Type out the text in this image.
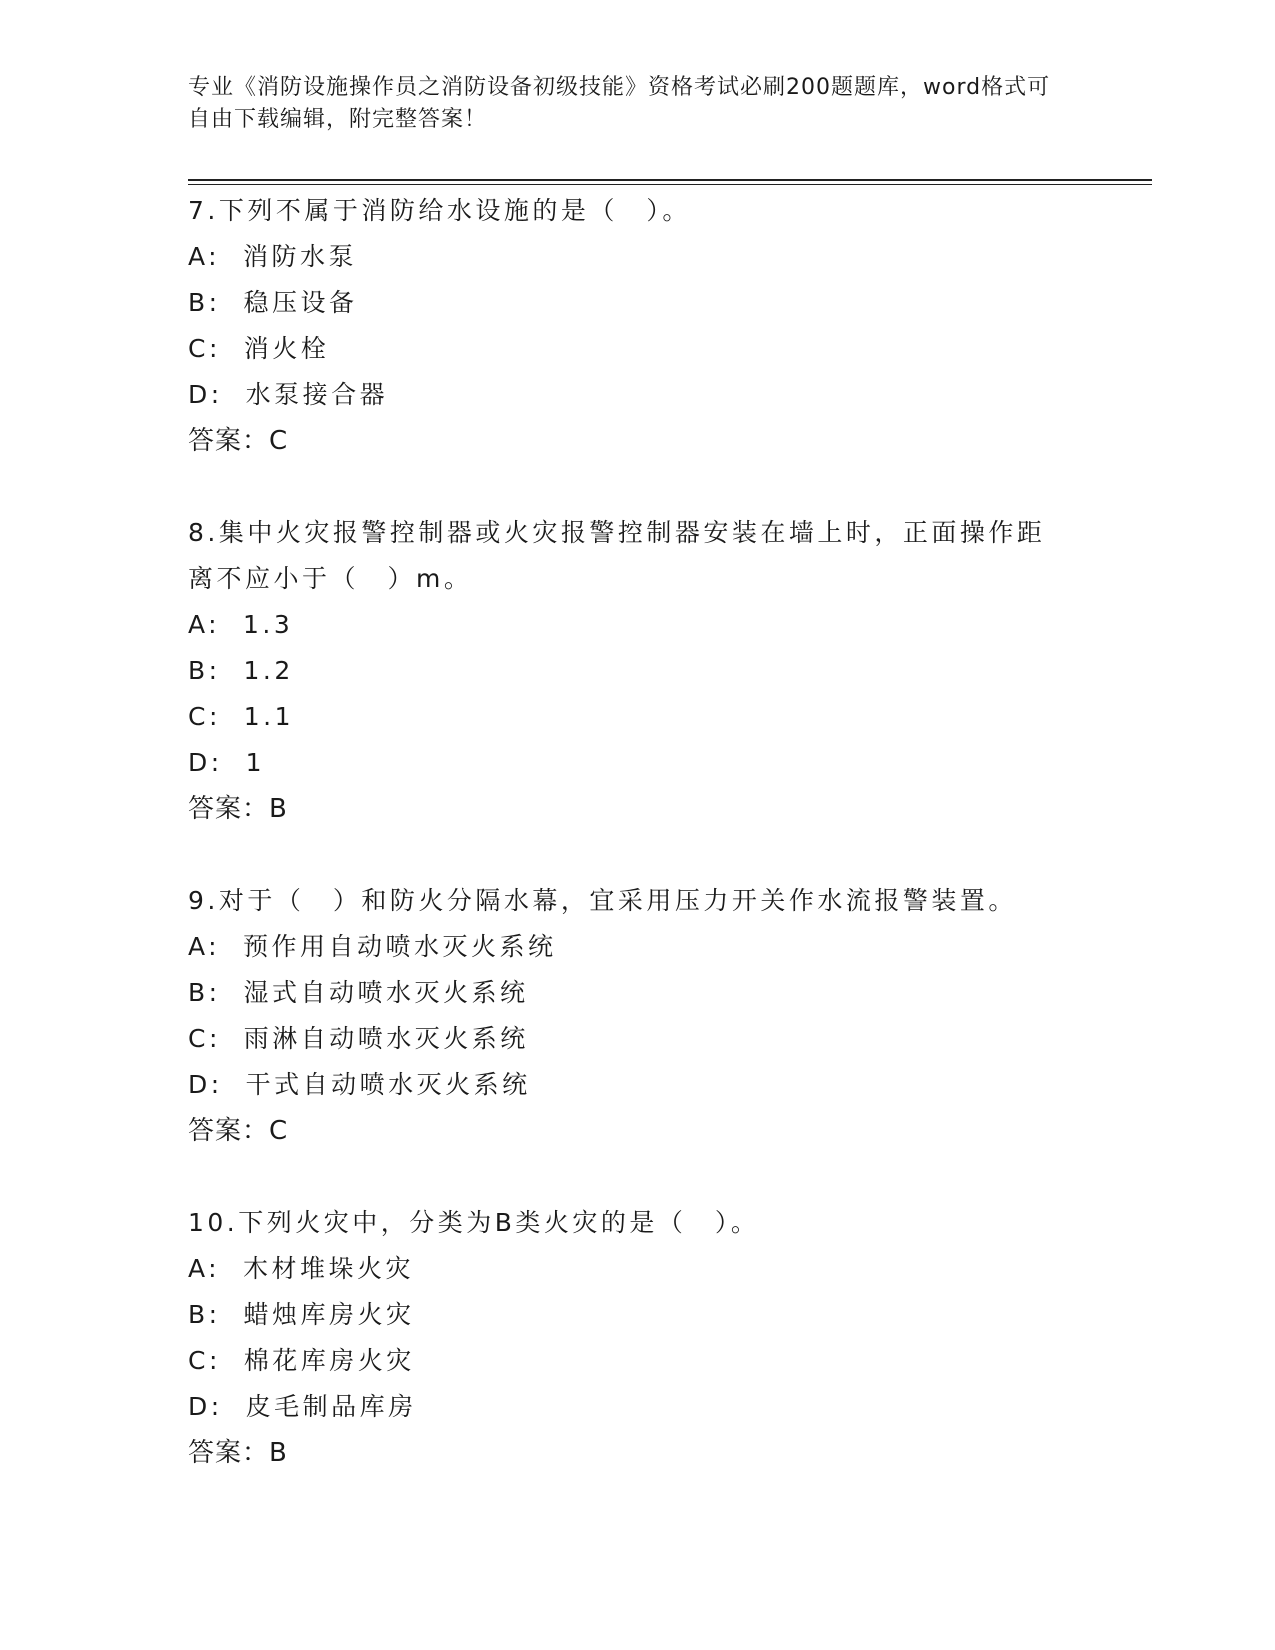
专业《消防设施操作员之消防设备初级技能》资格考试必刷200题题库，word格式可自由下载编辑，附完整答案！
7.下列不属于消防给水设施的是（　）。
A:  消防水泵
B:  稳压设备
C:  消火栓
D:  水泵接合器
答案：C
8.集中火灾报警控制器或火灾报警控制器安装在墙上时，正面操作距离不应小于（　）m。
A:  1.3
B:  1.2
C:  1.1
D:  1
答案：B
9.对于（　）和防火分隔水幕，宜采用压力开关作水流报警装置。
A:  预作用自动喷水灭火系统
B:  湿式自动喷水灭火系统
C:  雨淋自动喷水灭火系统
D:  干式自动喷水灭火系统
答案：C
10.下列火灾中，分类为B类火灾的是（　）。
A:  木材堆垛火灾
B:  蜡烛库房火灾
C:  棉花库房火灾
D:  皮毛制品库房
答案：B
